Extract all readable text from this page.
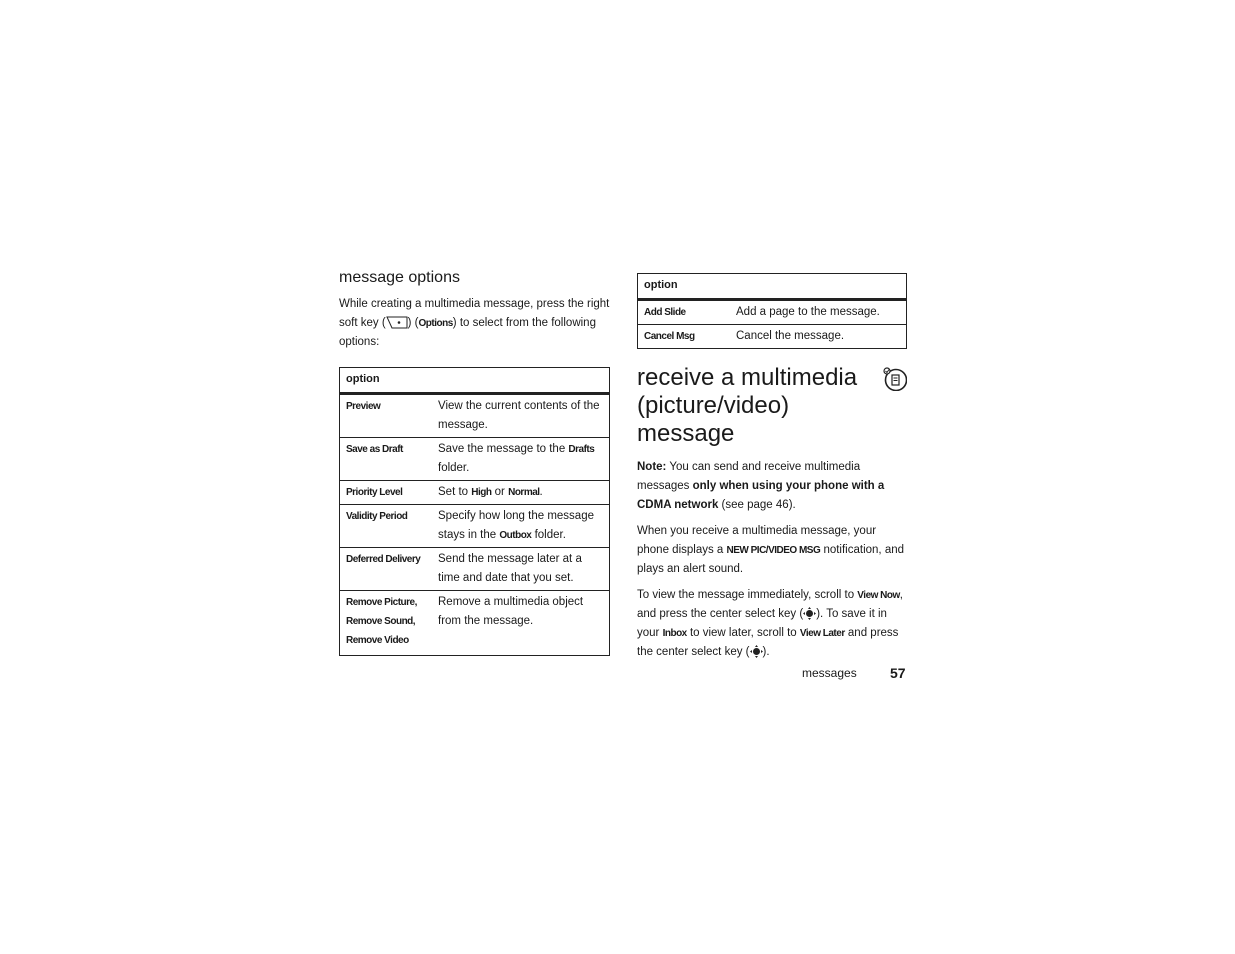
message options

While creating a multimedia message, press the right soft key ( ) (Options) to select from the following options:

option	
Preview	View the current contents of the message.
Save as Draft	Save the message to the Drafts folder.
Priority Level	Set to High or Normal.
Validity Period	Specify how long the message stays in the Outbox folder.
Deferred Delivery	Send the message later at a time and date that you set.
Remove Picture,
Remove Sound,
Remove Video	Remove a multimedia object from the message.
option	
Add Slide	Add a page to the message.
Cancel Msg	Cancel the message.
receive a multimedia
(picture/video)
message

Note: You can send and receive multimedia messages only when using your phone with a CDMA network (see page 46).

When you receive a multimedia message, your phone displays a NEW PIC/VIDEO MSG notification, and plays an alert sound.

To view the message immediately, scroll to View Now, and press the center select key ( ). To save it in your Inbox to view later, scroll to View Later and press the center select key ( ).

messages 57
